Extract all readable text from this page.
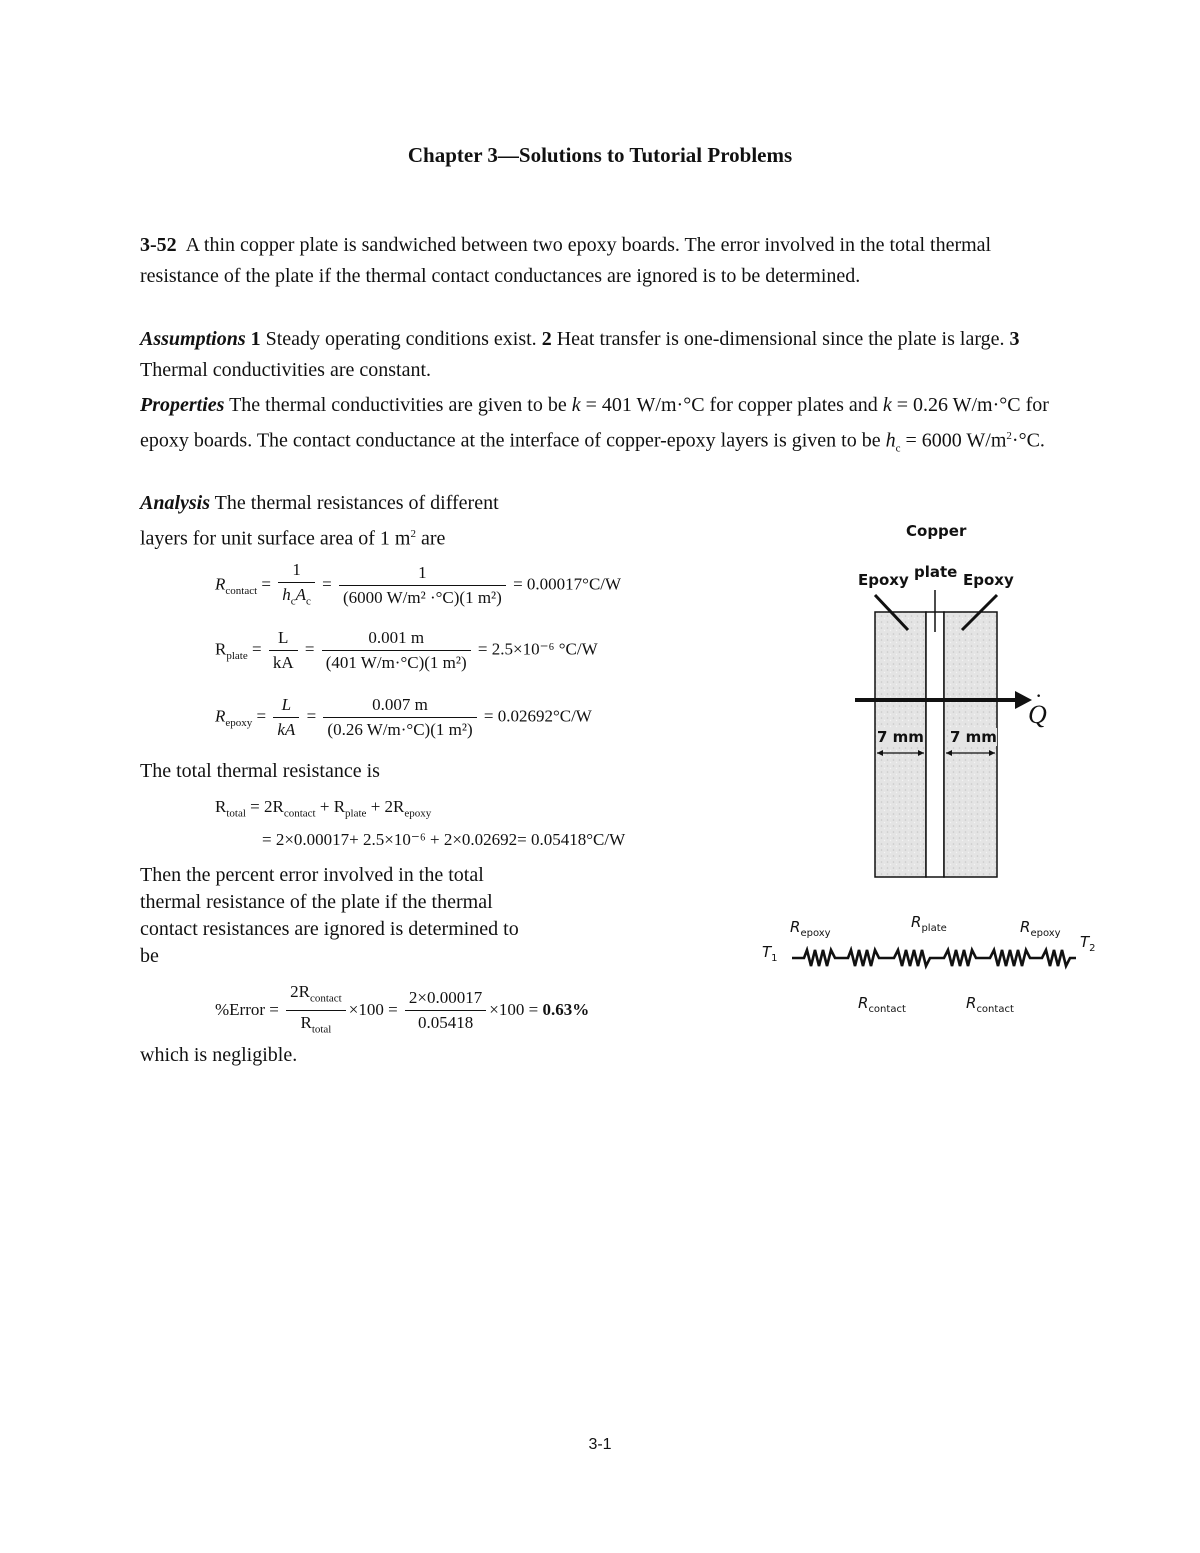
Chapter 3—Solutions to Tutorial Problems
3-52 A thin copper plate is sandwiched between two epoxy boards. The error involved in the total thermal resistance of the plate if the thermal contact conductances are ignored is to be determined.
Assumptions 1 Steady operating conditions exist. 2 Heat transfer is one-dimensional since the plate is large. 3 Thermal conductivities are constant.
Properties The thermal conductivities are given to be k = 401 W/m·°C for copper plates and k = 0.26 W/m·°C for epoxy boards. The contact conductance at the interface of copper-epoxy layers is given to be $h_c = 6000$ $W/m^2\cdot^\circ C$.
Analysis The thermal resistances of different
layers for unit surface area of 1 $m^2$ are
$R_{contact} = \frac{1}{h_cA_c} = \frac{1}{\text{(6000 W/m² ·°C)(1 m²)}} = 0.00017^\circ C/W$
$R_{plate} = \frac{L}{kA} = \frac{0.001 m}{\text{(401 W/m·°C)(1 m²)}} = 2.5\times 10^{-6}$ °C/W
$R_{epoxy} = \frac{L}{kA} = \frac{0.007 m}{\text{(0.26 W/m·°C)(1 m²)}} = 0.02692^\circ C/W$
The total thermal resistance is
$R_{total} = 2R_{contact} + R_{plate} + 2R_{epoxy}$
= 2×0.00017+ 2.5×10⁻⁶ + 2×0.02692= 0.05418°C/W
Then the percent error involved in the total
thermal resistance of the plate if the thermal
contact resistances are ignored is determined to
be
%Error = $\frac{2R_{contact}}{R_{total}} \times 100 = \frac{2\times 0.00017}{0.05418} \times 100 = 0.63\%$
which is negligible.
Copper
plate
Epoxy	Epoxy
Q
·
7 mm 7 mm
$R_{epoxy}$
$R_{plate}$	$R_{epoxy}$
$T_1$
$T_2$
$R_{contact}$	$R_{contact}$
3-1
